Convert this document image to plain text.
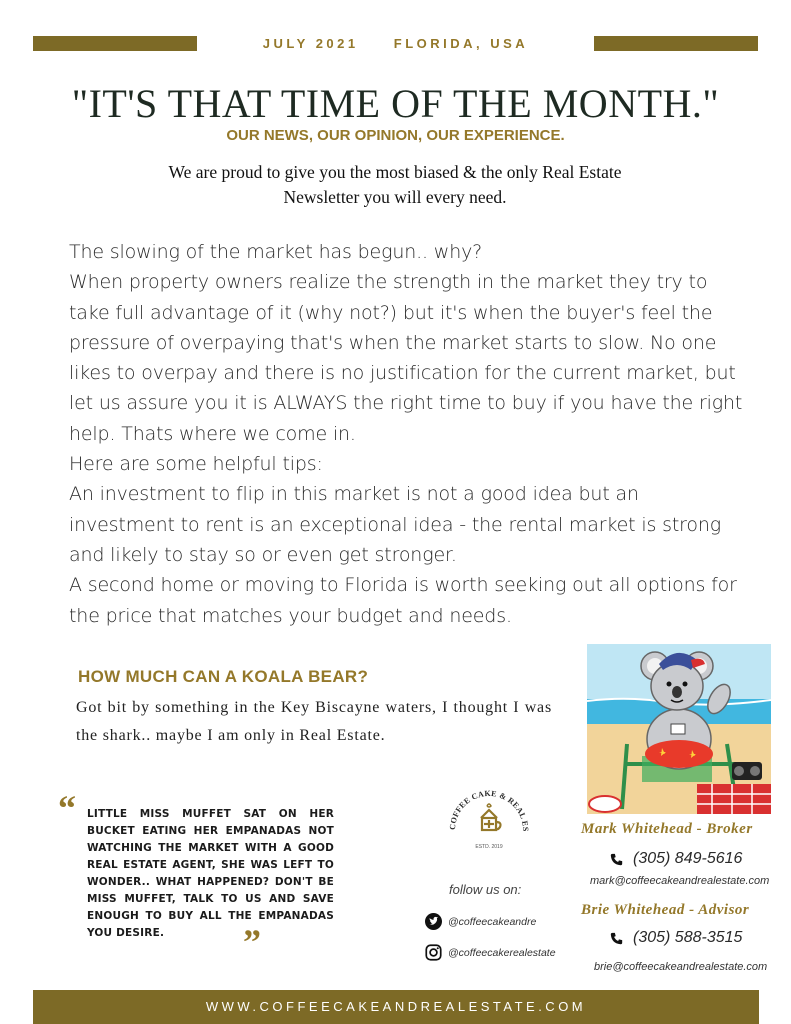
JULY 2021	FLORIDA, USA
"IT'S THAT TIME OF THE MONTH."
OUR NEWS, OUR OPINION, OUR EXPERIENCE.
We are proud to give you the most biased & the only Real Estate
Newsletter you will every need.

The slowing of the market has begun.. why?

When property owners realize the strength in the market they try to take full advantage of it (why not?) but it's when the buyer's feel the pressure of overpaying that's when the market starts to slow. No one likes to overpay and there is no justification for the current market, but let us assure you it is ALWAYS the right time to buy if you have the right help. Thats where we come in.

Here are some helpful tips:

An investment to flip in this market is not a good idea but an investment to rent is an exceptional idea - the rental market is strong and likely to stay so or even get stronger.

A second home or moving to Florida is worth seeking out all options for the price that matches your budget and needs.

HOW MUCH CAN A KOALA BEAR?
Got bit by something in the Key Biscayne waters, I thought I was the shark.. maybe I am only in Real Estate.
“ LITTLE MISS MUFFET SAT ON HER BUCKET EATING HER EMPANADAS NOT WATCHING THE MARKET WITH A GOOD REAL ESTATE AGENT, SHE WAS LEFT TO WONDER.. WHAT HAPPENED? DON'T BE MISS MUFFET, TALK TO US AND SAVE ENOUGH TO BUY ALL THE EMPANADAS YOU DESIRE.	”
COFFEE CAKE & REAL ES
ESTD. 2019
follow us on:
@coffeecakeandre
@coffeecakerealestate
Mark Whitehead - Broker
(305) 849-5616
mark@coffeecakeandrealestate.com
Brie Whitehead - Advisor
(305) 588-3515
brie@coffeecakeandrealestate.com
WWW.COFFEECAKEANDREALESTATE.COM
